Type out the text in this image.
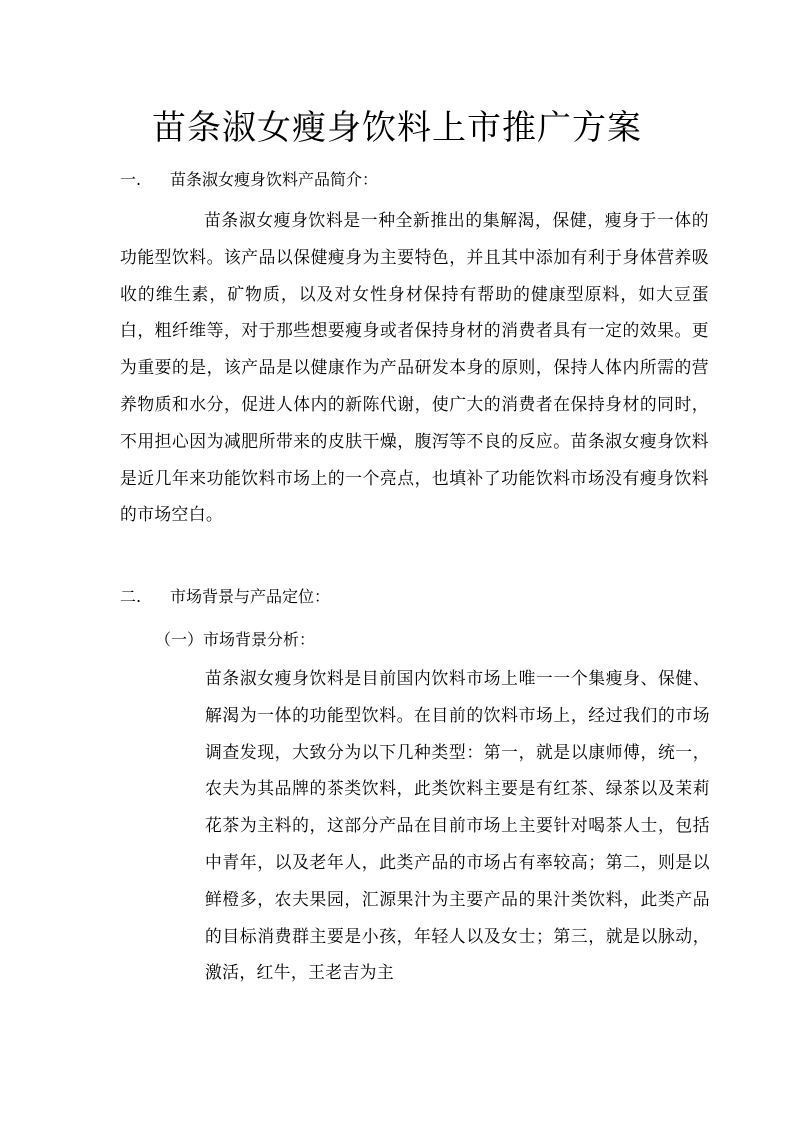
苗条淑女瘦身饮料上市推广方案
一. 苗条淑女瘦身饮料产品简介：
苗条淑女瘦身饮料是一种全新推出的集解渴，保健，瘦身于一体的功能型饮料。该产品以保健瘦身为主要特色，并且其中添加有利于身体营养吸收的维生素，矿物质，以及对女性身材保持有帮助的健康型原料，如大豆蛋白，粗纤维等，对于那些想要瘦身或者保持身材的消费者具有一定的效果。更为重要的是，该产品是以健康作为产品研发本身的原则，保持人体内所需的营养物质和水分，促进人体内的新陈代谢，使广大的消费者在保持身材的同时，不用担心因为减肥所带来的皮肤干燥，腹泻等不良的反应。苗条淑女瘦身饮料是近几年来功能饮料市场上的一个亮点，也填补了功能饮料市场没有瘦身饮料的市场空白。
二. 市场背景与产品定位：
（一）市场背景分析：
苗条淑女瘦身饮料是目前国内饮料市场上唯一一个集瘦身、保健、解渴为一体的功能型饮料。在目前的饮料市场上，经过我们的市场调查发现，大致分为以下几种类型：第一，就是以康师傅，统一，农夫为其品牌的茶类饮料，此类饮料主要是有红茶、绿茶以及茉莉花茶为主料的，这部分产品在目前市场上主要针对喝茶人士，包括中青年，以及老年人，此类产品的市场占有率较高；第二，则是以鲜橙多，农夫果园，汇源果汁为主要产品的果汁类饮料，此类产品的目标消费群主要是小孩，年轻人以及女士；第三，就是以脉动，激活，红牛，王老吉为主
